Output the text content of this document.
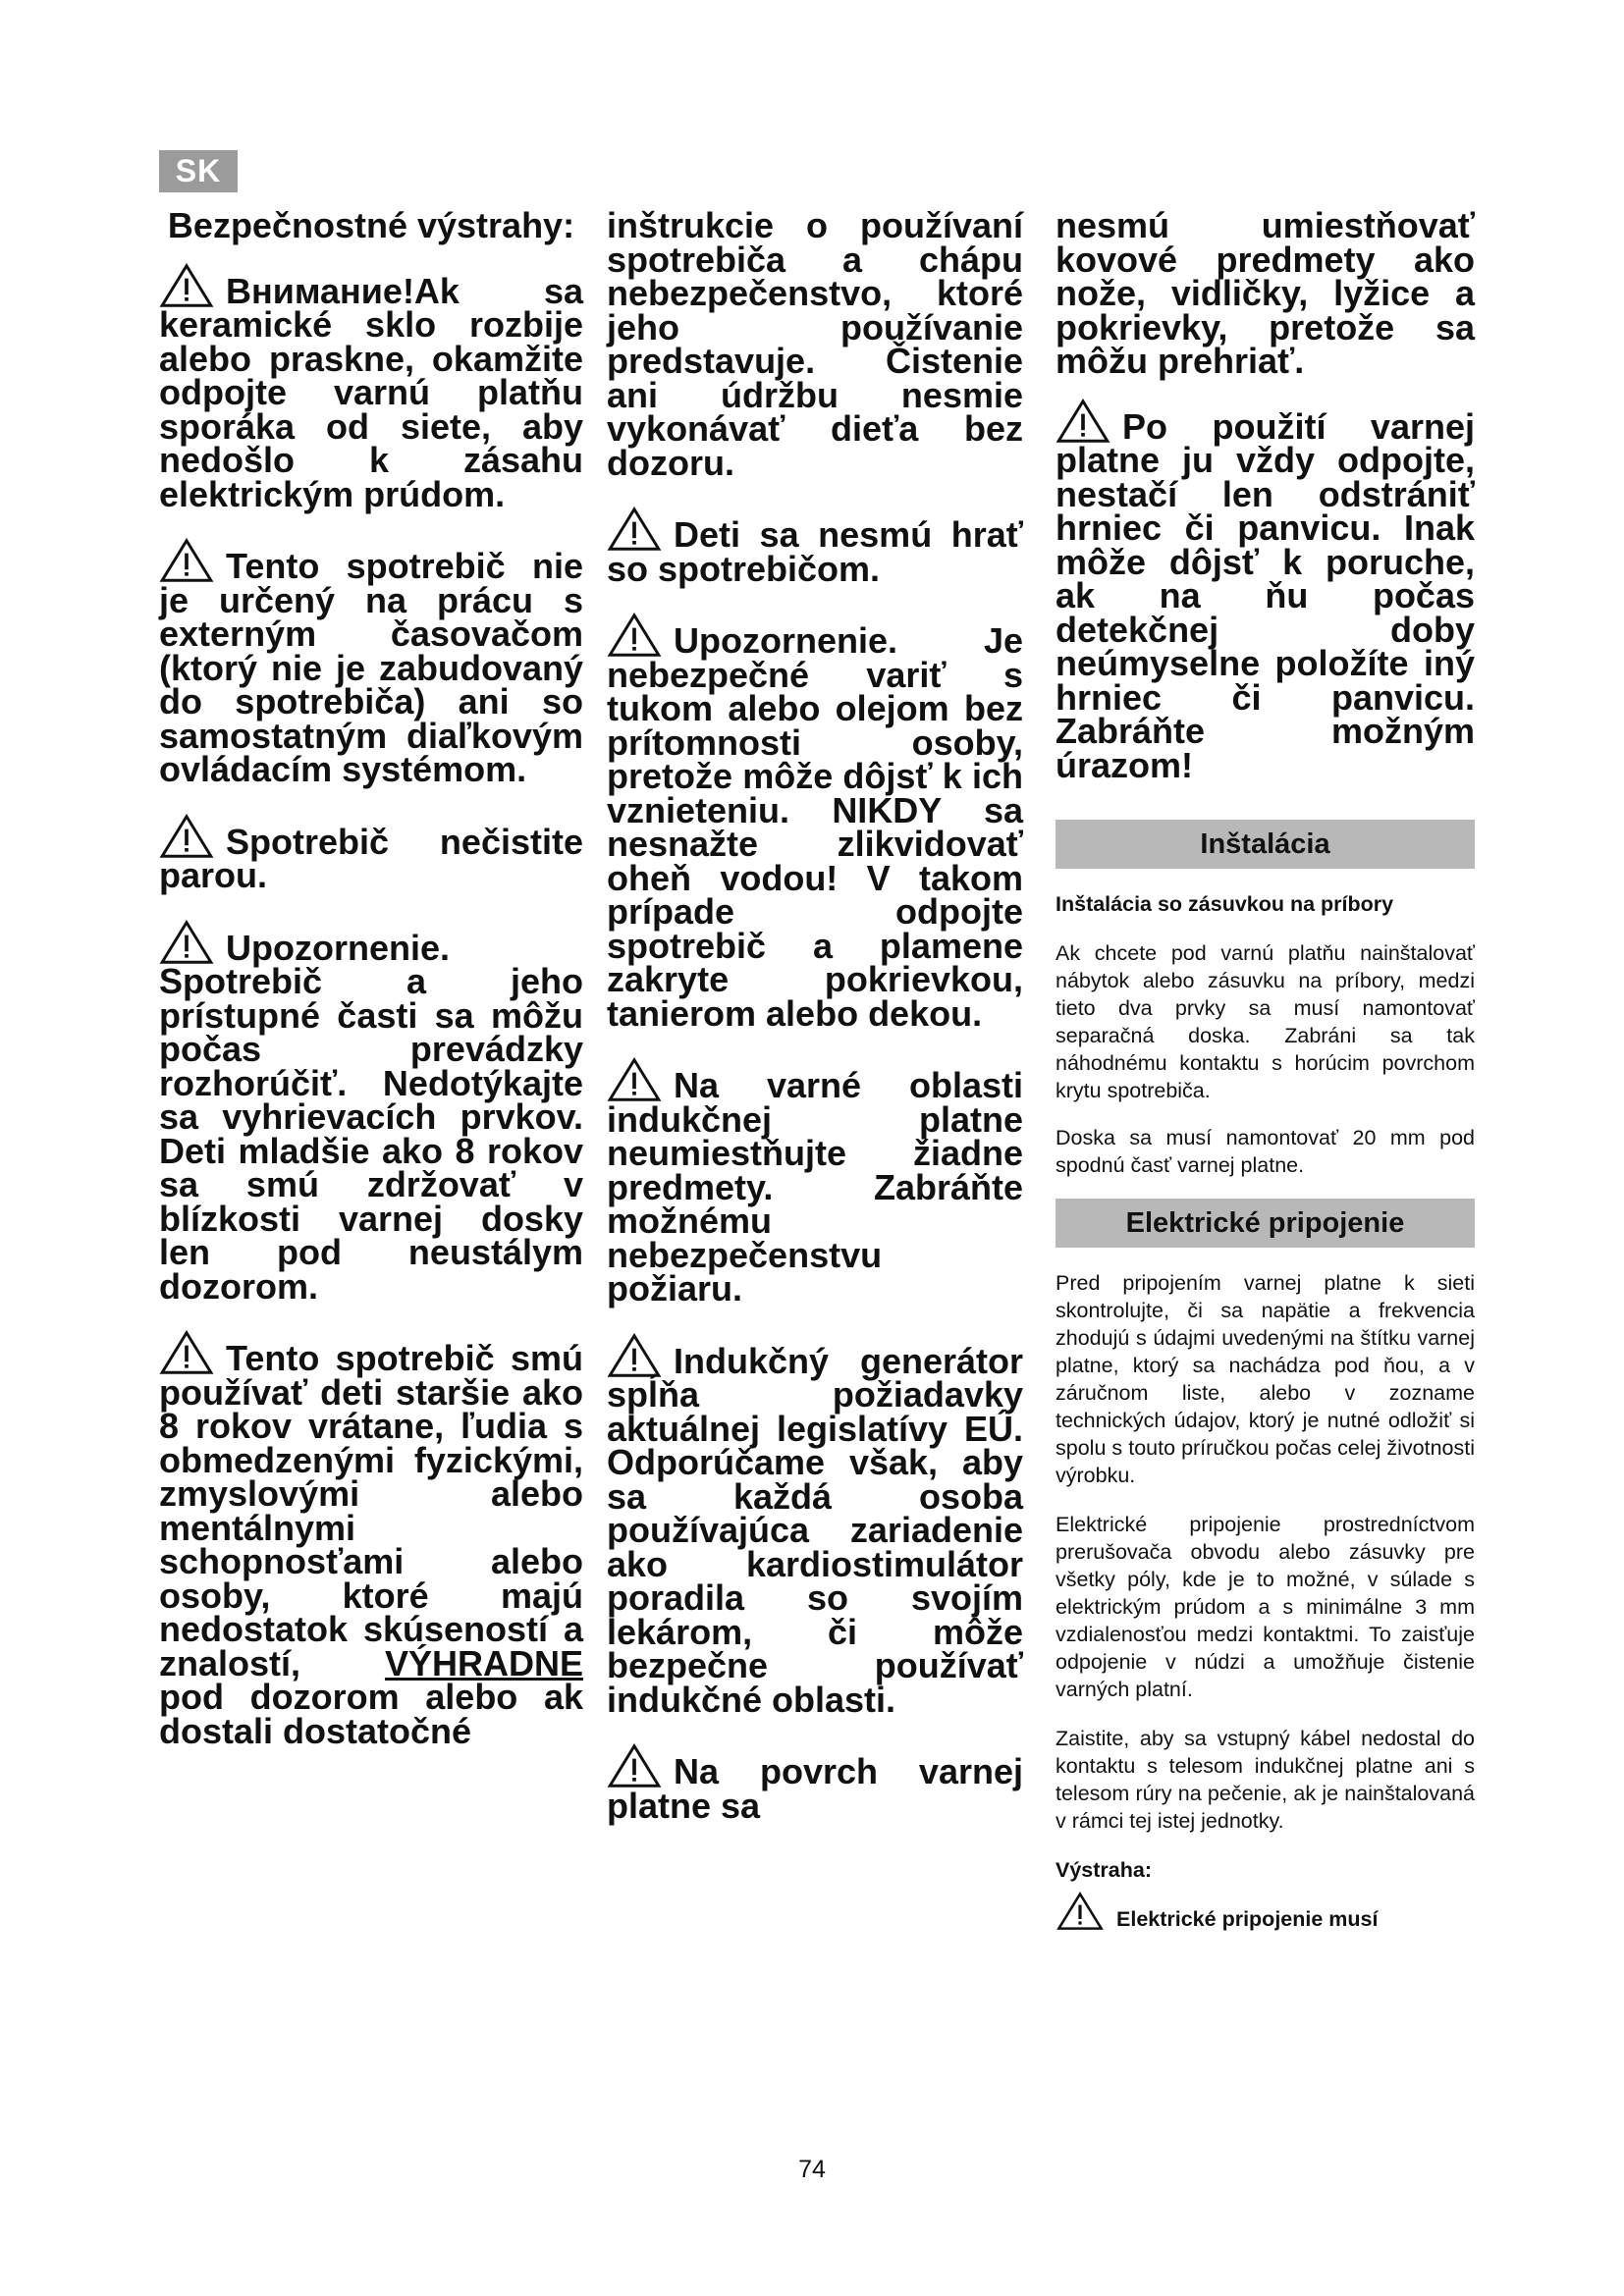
SK

Bezpečnostné výstrahy:

Внимание!Ak sa keramické sklo rozbije alebo praskne, okamžite odpojte varnú platňu sporáka od siete, aby nedošlo k zásahu elektrickým prúdom.

Tento spotrebič nie je určený na prácu s externým časovačom (ktorý nie je zabudovaný do spotrebiča) ani so samostatným diaľkovým ovládacím systémom.

Spotrebič nečistite parou.

Upozornenie. Spotrebič a jeho prístupné časti sa môžu počas prevádzky rozhorúčiť. Nedotýkajte sa vyhrievacích prvkov. Deti mladšie ako 8 rokov sa smú zdržovať v blízkosti varnej dosky len pod neustálym dozorom.

Tento spotrebič smú používať deti staršie ako 8 rokov vrátane, ľudia s obmedzenými fyzickými, zmyslovými alebo mentálnymi schopnosťami alebo osoby, ktoré majú nedostatok skúseností a znalostí, VÝHRADNE pod dozorom alebo ak dostali dostatočné

inštrukcie o používaní spotrebiča a chápu nebezpečenstvo, ktoré jeho používanie predstavuje. Čistenie ani údržbu nesmie vykonávať dieťa bez dozoru.

Deti sa nesmú hrať so spotrebičom.

Upozornenie. Je nebezpečné variť s tukom alebo olejom bez prítomnosti osoby, pretože môže dôjsť k ich vznieteniu. NIKDY sa nesnažte zlikvidovať oheň vodou! V takom prípade odpojte spotrebič a plamene zakryte pokrievkou, tanierom alebo dekou.

Na varné oblasti indukčnej platne neumiestňujte žiadne predmety. Zabráňte možnému nebezpečenstvu požiaru.

Indukčný generátor spĺňa požiadavky aktuálnej legislatívy EÚ. Odporúčame však, aby sa každá osoba používajúca zariadenie ako kardiostimulátor poradila so svojím lekárom, či môže bezpečne používať indukčné oblasti.

Na povrch varnej platne sa

nesmú umiestňovať kovové predmety ako nože, vidličky, lyžice a pokrievky, pretože sa môžu prehriať.

Po použití varnej platne ju vždy odpojte, nestačí len odstrániť hrniec či panvicu. Inak môže dôjsť k poruche, ak na ňu počas detekčnej doby neúmyselne položíte iný hrniec či panvicu. Zabráňte možným úrazom!

Inštalácia

Inštalácia so zásuvkou na príbory

Ak chcete pod varnú platňu nainštalovať nábytok alebo zásuvku na príbory, medzi tieto dva prvky sa musí namontovať separačná doska. Zabráni sa tak náhodnému kontaktu s horúcim povrchom krytu spotrebiča.

Doska sa musí namontovať 20 mm pod spodnú časť varnej platne.

Elektrické pripojenie

Pred pripojením varnej platne k sieti skontrolujte, či sa napätie a frekvencia zhodujú s údajmi uvedenými na štítku varnej platne, ktorý sa nachádza pod ňou, a v záručnom liste, alebo v zozname technických údajov, ktorý je nutné odložiť si spolu s touto príručkou počas celej životnosti výrobku.

Elektrické pripojenie prostredníctvom prerušovača obvodu alebo zásuvky pre všetky póly, kde je to možné, v súlade s elektrickým prúdom a s minimálne 3 mm vzdialenosťou medzi kontaktmi. To zaisťuje odpojenie v núdzi a umožňuje čistenie varných platní.

Zaistite, aby sa vstupný kábel nedostal do kontaktu s telesom indukčnej platne ani s telesom rúry na pečenie, ak je nainštalovaná v rámci tej istej jednotky.

Výstraha:

Elektrické pripojenie musí

74
